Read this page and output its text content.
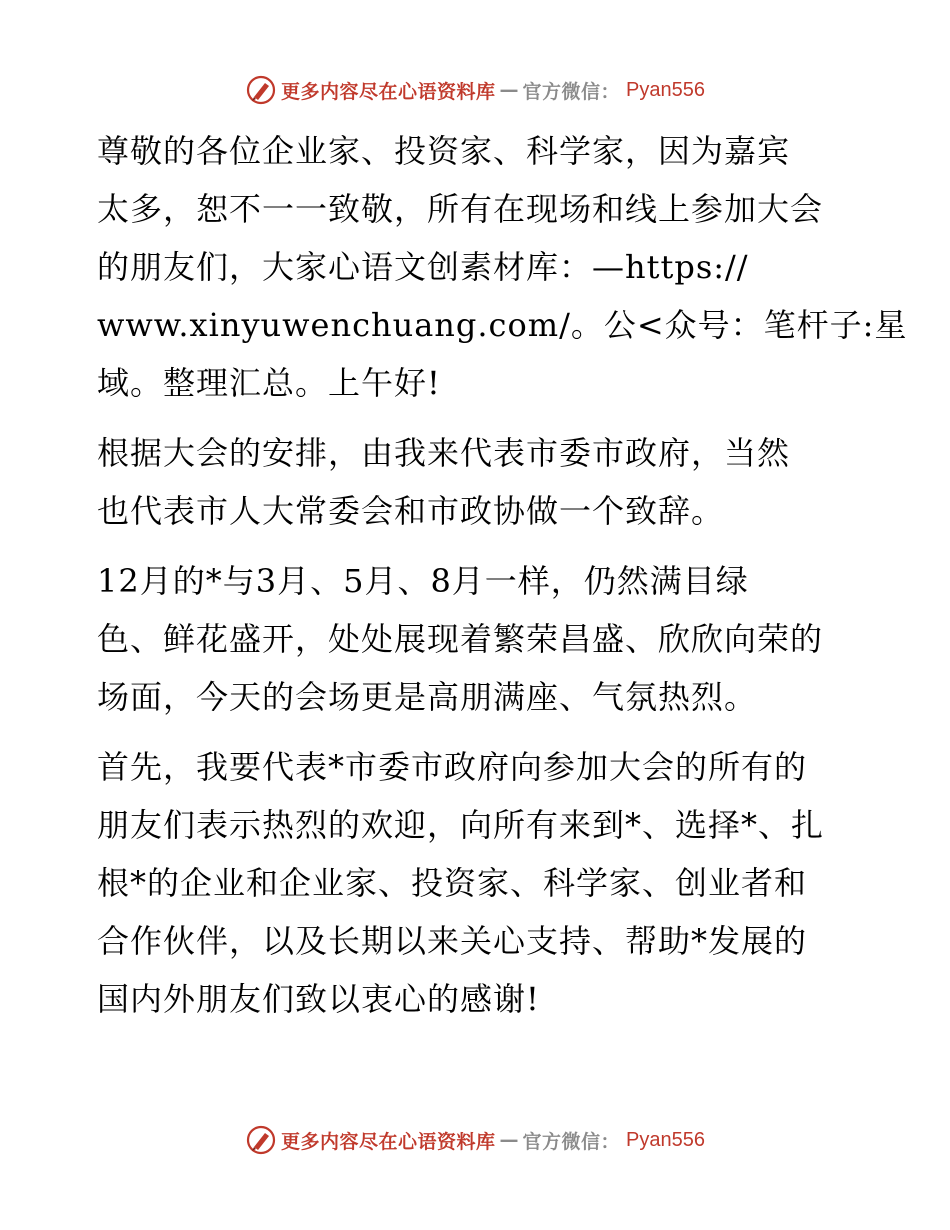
更多内容尽在心语资料库 — 官方微信： Pyan556

尊敬的各位企业家、投资家、科学家，因为嘉宾
太多，恕不一一致敬，所有在现场和线上参加大会
的朋友们，大家心语文创素材库：—https://
www.xinyuwenchuang.com/。公<众号：笔杆子:星
域。整理汇总。上午好!

根据大会的安排，由我来代表市委市政府，当然
也代表市人大常委会和市政协做一个致辞。

12月的*与3月、5月、8月一样，仍然满目绿
色、鲜花盛开，处处展现着繁荣昌盛、欣欣向荣的
场面，今天的会场更是高朋满座、气氛热烈。

首先，我要代表*市委市政府向参加大会的所有的
朋友们表示热烈的欢迎，向所有来到*、选择*、扎
根*的企业和企业家、投资家、科学家、创业者和
合作伙伴，以及长期以来关心支持、帮助*发展的
国内外朋友们致以衷心的感谢!

更多内容尽在心语资料库 — 官方微信： Pyan556
